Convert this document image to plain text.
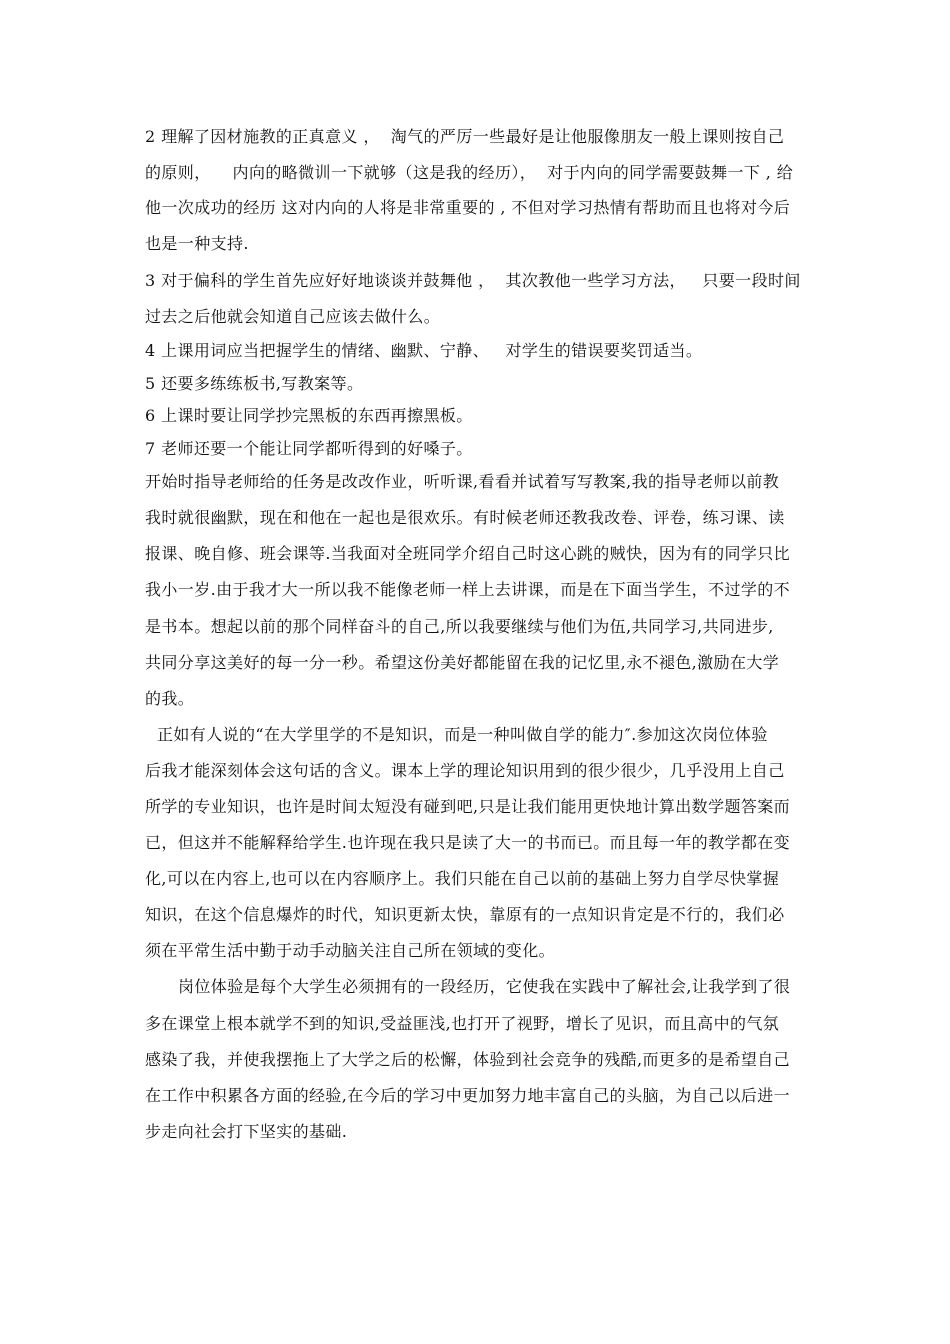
2 理解了因材施教的正真意义 ，  淘气的严厉一些最好是让他服像朋友一般上课则按自己
的原则，    内向的略微训一下就够（这是我的经历），  对于内向的同学需要鼓舞一下 , 给
他一次成功的经历 这对内向的人将是非常重要的 , 不但对学习热情有帮助而且也将对今后
也是一种支持.
3 对于偏科的学生首先应好好地谈谈并鼓舞他 ，  其次教他一些学习方法，   只要一段时间
过去之后他就会知道自己应该去做什么。
4 上课用词应当把握学生的情绪、幽默、宁静、   对学生的错误要奖罚适当。
5 还要多练练板书,写教案等。
6 上课时要让同学抄完黑板的东西再擦黑板。
7 老师还要一个能让同学都听得到的好嗓子。
开始时指导老师给的任务是改改作业，听听课,看看并试着写写教案,我的指导老师以前教
我时就很幽默，现在和他在一起也是很欢乐。有时候老师还教我改卷、评卷，练习课、读
报课、晚自修、班会课等.当我面对全班同学介绍自己时这心跳的贼快，因为有的同学只比
我小一岁.由于我才大一所以我不能像老师一样上去讲课，而是在下面当学生，不过学的不
是书本。想起以前的那个同样奋斗的自己,所以我要继续与他们为伍,共同学习,共同进步,
共同分享这美好的每一分一秒。希望这份美好都能留在我的记忆里,永不褪色,激励在大学
的我。
正如有人说的“在大学里学的不是知识，而是一种叫做自学的能力″.参加这次岗位体验
后我才能深刻体会这句话的含义。课本上学的理论知识用到的很少很少，几乎没用上自己
所学的专业知识，也许是时间太短没有碰到吧,只是让我们能用更快地计算出数学题答案而
已，但这并不能解释给学生.也许现在我只是读了大一的书而已。而且每一年的教学都在变
化,可以在内容上,也可以在内容顺序上。我们只能在自己以前的基础上努力自学尽快掌握
知识，在这个信息爆炸的时代，知识更新太快，靠原有的一点知识肯定是不行的，我们必
须在平常生活中勤于动手动脑关注自己所在领域的变化。
岗位体验是每个大学生必须拥有的一段经历，它使我在实践中了解社会,让我学到了很
多在课堂上根本就学不到的知识,受益匪浅,也打开了视野，增长了见识，而且高中的气氛
感染了我，并使我摆拖上了大学之后的松懈，体验到社会竞争的残酷,而更多的是希望自己
在工作中积累各方面的经验,在今后的学习中更加努力地丰富自己的头脑，为自己以后进一
步走向社会打下坚实的基础.
